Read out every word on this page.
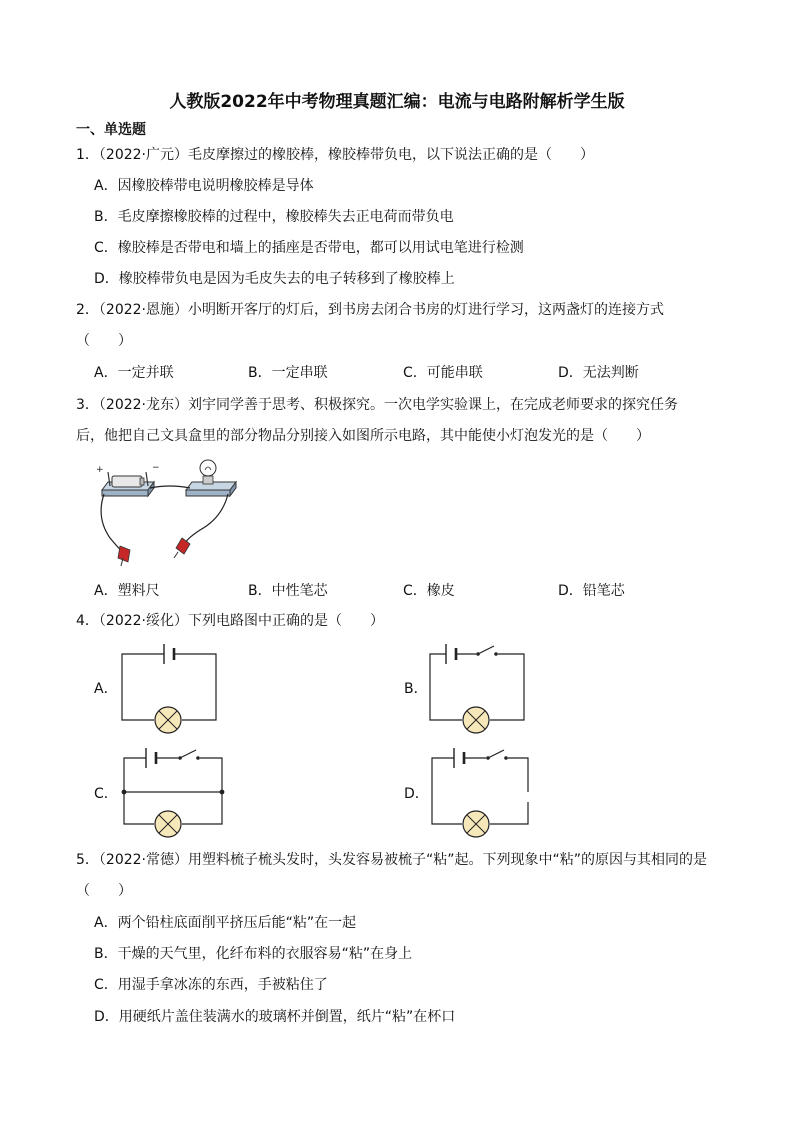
人教版2022年中考物理真题汇编：电流与电路附解析学生版
一、单选题
1．（2022·广元）毛皮摩擦过的橡胶棒，橡胶棒带负电，以下说法正确的是（　　）
A．因橡胶棒带电说明橡胶棒是导体
B．毛皮摩擦橡胶棒的过程中，橡胶棒失去正电荷而带负电
C．橡胶棒是否带电和墙上的插座是否带电，都可以用试电笔进行检测
D．橡胶棒带负电是因为毛皮失去的电子转移到了橡胶棒上
2．（2022·恩施）小明断开客厅的灯后，到书房去闭合书房的灯进行学习，这两盏灯的连接方式
（　　）
A．一定并联	B．一定串联	C．可能串联	D．无法判断
3．（2022·龙东）刘宇同学善于思考、积极探究。一次电学实验课上，在完成老师要求的探究任务
后，他把自己文具盒里的部分物品分别接入如图所示电路，其中能使小灯泡发光的是（　　）
+	−
A．塑料尺	B．中性笔芯	C．橡皮	D．铅笔芯
4．（2022·绥化）下列电路图中正确的是（　　）
A．	B．
C．	D．
5．（2022·常德）用塑料梳子梳头发时，头发容易被梳子“粘”起。下列现象中“粘”的原因与其相同的是
（　　）
A．两个铅柱底面削平挤压后能“粘”在一起
B．干燥的天气里，化纤布料的衣服容易“粘”在身上
C．用湿手拿冰冻的东西，手被粘住了
D．用硬纸片盖住装满水的玻璃杯并倒置，纸片“粘”在杯口
